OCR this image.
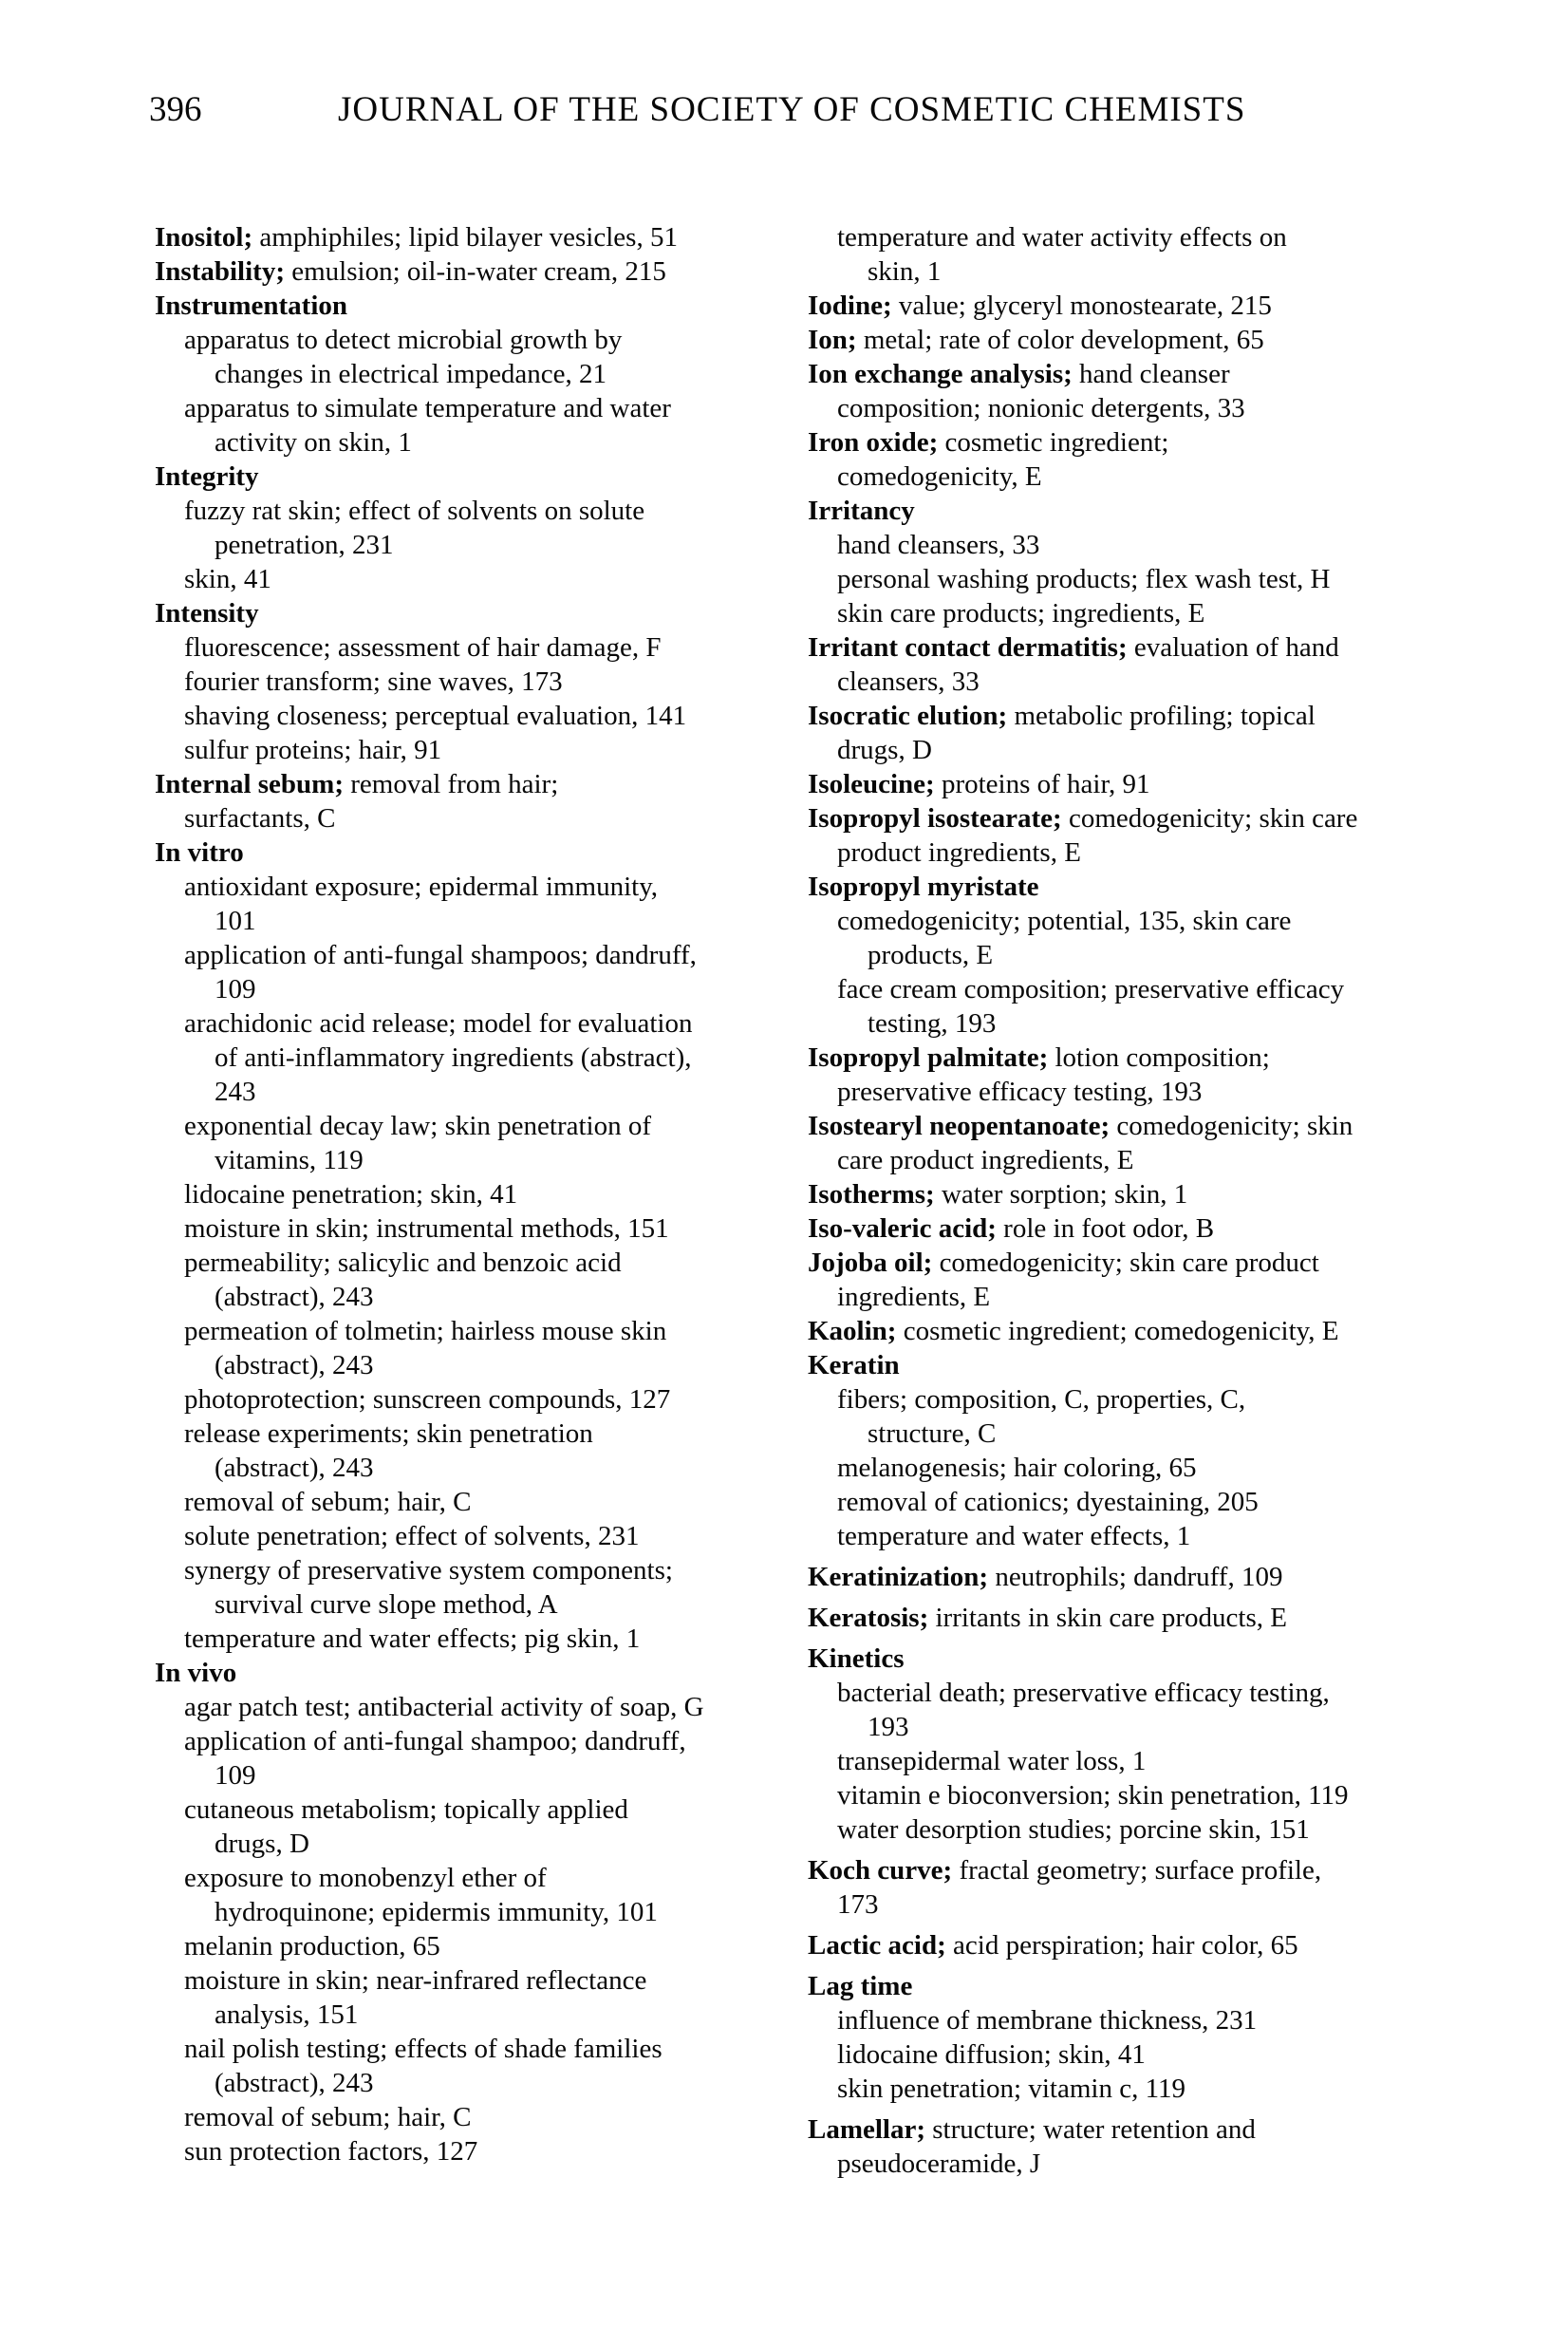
396	JOURNAL OF THE SOCIETY OF COSMETIC CHEMISTS
Inositol; amphiphiles; lipid bilayer vesicles, 51
Instability; emulsion; oil-in-water cream, 215
Instrumentation
apparatus to detect microbial growth by
changes in electrical impedance, 21
apparatus to simulate temperature and water
activity on skin, 1
Integrity
fuzzy rat skin; effect of solvents on solute
penetration, 231
skin, 41
Intensity
fluorescence; assessment of hair damage, F
fourier transform; sine waves, 173
shaving closeness; perceptual evaluation, 141
sulfur proteins; hair, 91
Internal sebum; removal from hair;
surfactants, C
In vitro
antioxidant exposure; epidermal immunity,
101
application of anti-fungal shampoos; dandruff,
109
arachidonic acid release; model for evaluation
of anti-inflammatory ingredients (abstract),
243
exponential decay law; skin penetration of
vitamins, 119
lidocaine penetration; skin, 41
moisture in skin; instrumental methods, 151
permeability; salicylic and benzoic acid
(abstract), 243
permeation of tolmetin; hairless mouse skin
(abstract), 243
photoprotection; sunscreen compounds, 127
release experiments; skin penetration
(abstract), 243
removal of sebum; hair, C
solute penetration; effect of solvents, 231
synergy of preservative system components;
survival curve slope method, A
temperature and water effects; pig skin, 1
In vivo
agar patch test; antibacterial activity of soap, G
application of anti-fungal shampoo; dandruff,
109
cutaneous metabolism; topically applied
drugs, D
exposure to monobenzyl ether of
hydroquinone; epidermis immunity, 101
melanin production, 65
moisture in skin; near-infrared reflectance
analysis, 151
nail polish testing; effects of shade families
(abstract), 243
removal of sebum; hair, C
sun protection factors, 127
temperature and water activity effects on
skin, 1
Iodine; value; glyceryl monostearate, 215
Ion; metal; rate of color development, 65
Ion exchange analysis; hand cleanser
composition; nonionic detergents, 33
Iron oxide; cosmetic ingredient;
comedogenicity, E
Irritancy
hand cleansers, 33
personal washing products; flex wash test, H
skin care products; ingredients, E
Irritant contact dermatitis; evaluation of hand
cleansers, 33
Isocratic elution; metabolic profiling; topical
drugs, D
Isoleucine; proteins of hair, 91
Isopropyl isostearate; comedogenicity; skin care
product ingredients, E
Isopropyl myristate
comedogenicity; potential, 135, skin care
products, E
face cream composition; preservative efficacy
testing, 193
Isopropyl palmitate; lotion composition;
preservative efficacy testing, 193
Isostearyl neopentanoate; comedogenicity; skin
care product ingredients, E
Isotherms; water sorption; skin, 1
Iso-valeric acid; role in foot odor, B
Jojoba oil; comedogenicity; skin care product
ingredients, E
Kaolin; cosmetic ingredient; comedogenicity, E
Keratin
fibers; composition, C, properties, C,
structure, C
melanogenesis; hair coloring, 65
removal of cationics; dyestaining, 205
temperature and water effects, 1
Keratinization; neutrophils; dandruff, 109
Keratosis; irritants in skin care products, E
Kinetics
bacterial death; preservative efficacy testing,
193
transepidermal water loss, 1
vitamin e bioconversion; skin penetration, 119
water desorption studies; porcine skin, 151
Koch curve; fractal geometry; surface profile,
173
Lactic acid; acid perspiration; hair color, 65
Lag time
influence of membrane thickness, 231
lidocaine diffusion; skin, 41
skin penetration; vitamin c, 119
Lamellar; structure; water retention and
pseudoceramide, J
